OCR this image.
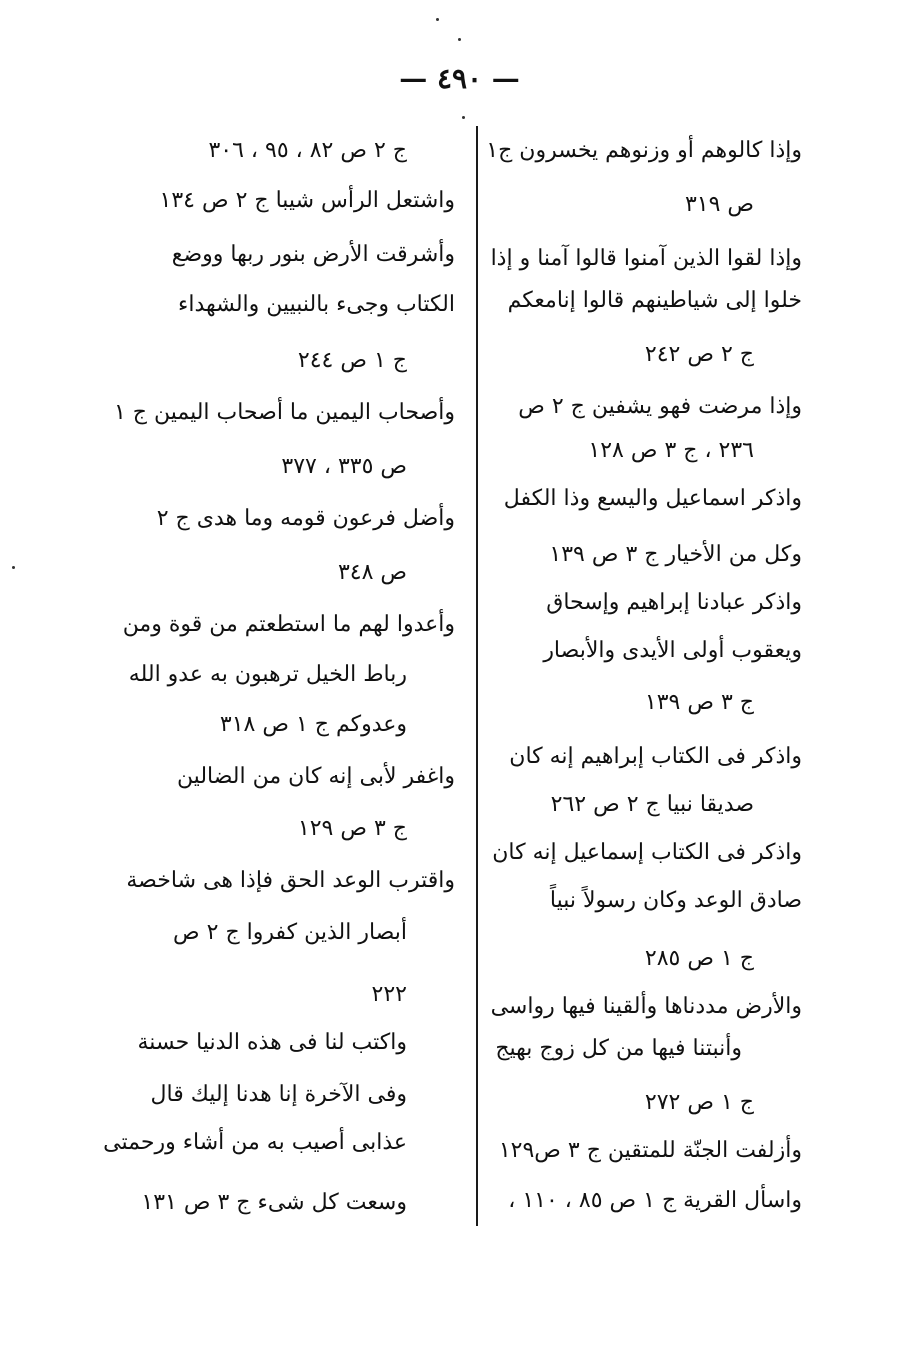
— ٤٩٠ —
وإذا كالوهم أو وزنوهم يخسرون ج١
ص ٣١٩
وإذا لقوا الذين آمنوا قالوا آمنا و إذا
خلوا إلى شياطينهم قالوا إنامعكم
ج ٢ ص ٢٤٢
وإذا مرضت فهو يشفين ج ٢ ص
٢٣٦ ، ج ٣ ص ١٢٨
واذكر اسماعيل واليسع وذا الكفل
وكل من الأخيار ج ٣ ص ١٣٩
واذكر عبادنا إبراهيم وإسحاق
ويعقوب أولى الأيدى والأبصار
ج ٣ ص ١٣٩
واذكر فى الكتاب إبراهيم إنه كان
صديقا نبيا ج ٢ ص ٢٦٢
واذكر فى الكتاب إسماعيل إنه كان
صادق الوعد وكان رسولاً نبياً
ج ١ ص ٢٨٥
والأرض مددناها وألقينا فيها رواسى
وأنبتنا فيها من كل زوج بهيج
ج ١ ص ٢٧٢
وأزلفت الجنّة للمتقين ج ٣ ص١٢٩
واسأل القرية ج ١ ص ٨٥ ، ١١٠ ،
ج ٢ ص ٨٢ ، ٩٥ ، ٣٠٦
واشتعل الرأس شيبا ج ٢ ص ١٣٤
وأشرقت الأرض بنور ربها ووضع
الكتاب وجىء بالنبيين والشهداء
ج ١ ص ٢٤٤
وأصحاب اليمين ما أصحاب اليمين ج ١
ص ٣٣٥ ، ٣٧٧
وأضل فرعون قومه وما هدى ج ٢
ص ٣٤٨
وأعدوا لهم ما استطعتم من قوة ومن
رباط الخيل ترهبون به عدو الله
وعدوكم ج ١ ص ٣١٨
واغفر لأبى إنه كان من الضالين
ج ٣ ص ١٢٩
واقترب الوعد الحق فإذا هى شاخصة
أبصار الذين كفروا ج ٢ ص
٢٢٢
واكتب لنا فى هذه الدنيا حسنة
وفى الآخرة إنا هدنا إليك قال
عذابى أصيب به من أشاء ورحمتى
وسعت كل شىء ج ٣ ص ١٣١
